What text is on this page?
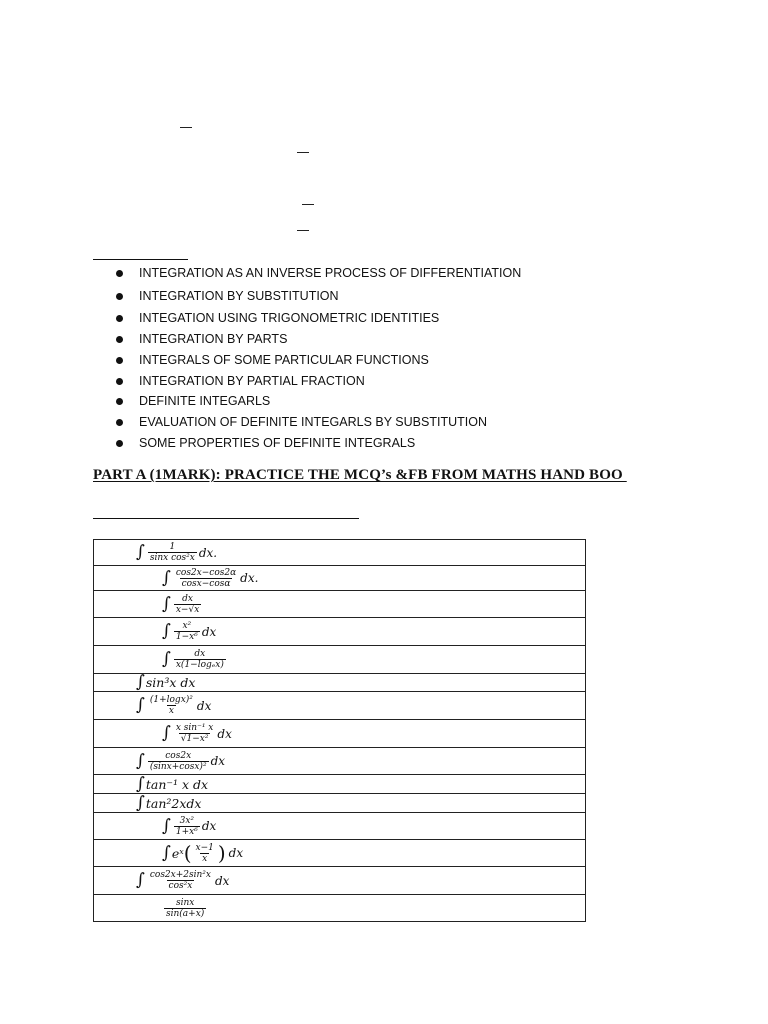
INTEGRATION AS AN INVERSE PROCESS OF DIFFERENTIATION
INTEGRATION BY SUBSTITUTION
INTEGATION USING TRIGONOMETRIC IDENTITIES
INTEGRATION BY PARTS
INTEGRALS OF SOME PARTICULAR FUNCTIONS
INTEGRATION BY PARTIAL FRACTION
DEFINITE INTEGARLS
EVALUATION OF DEFINITE INTEGARLS BY SUBSTITUTION
SOME PROPERTIES OF DEFINITE INTEGRALS
PART A (1MARK): PRACTICE THE MCQ’s &FB FROM MATHS HAND BOO
∫ $\frac{1}{\text{sinx cos²x}}$ dx.

∫ $\frac{\cos 2x-\cos 2\alpha}{\cos x-\cos\alpha}$ dx.

∫ $\frac{dx}{x-√x}$

∫ $\frac{\text{x²}}{\text{1−x⁶}}$ dx

∫ $\frac{dx}{\text{x(1−logₑx)}}$

∫ sin³x dx

∫ $\frac{\text{(1+logx)²}}{x}$ dx

∫ $\frac{\text{x sin⁻¹ x}}{\text{√1−x²}}$ dx

∫ $\frac{\cos 2x}{\text{(sinx+cosx)²}}$ dx

∫ tan⁻¹ x dx

∫ tan²2xdx

∫ $\frac{\text{3x²}}{\text{1+x⁶}}$ dx

∫ eˣ ( $\frac{x-1}{x}$ ) dx

∫ $\frac{\text{cos2x+2sin²x}}{\text{cos²x}}$ dx

$\frac{\sin x}{\sin(a+x)}$
